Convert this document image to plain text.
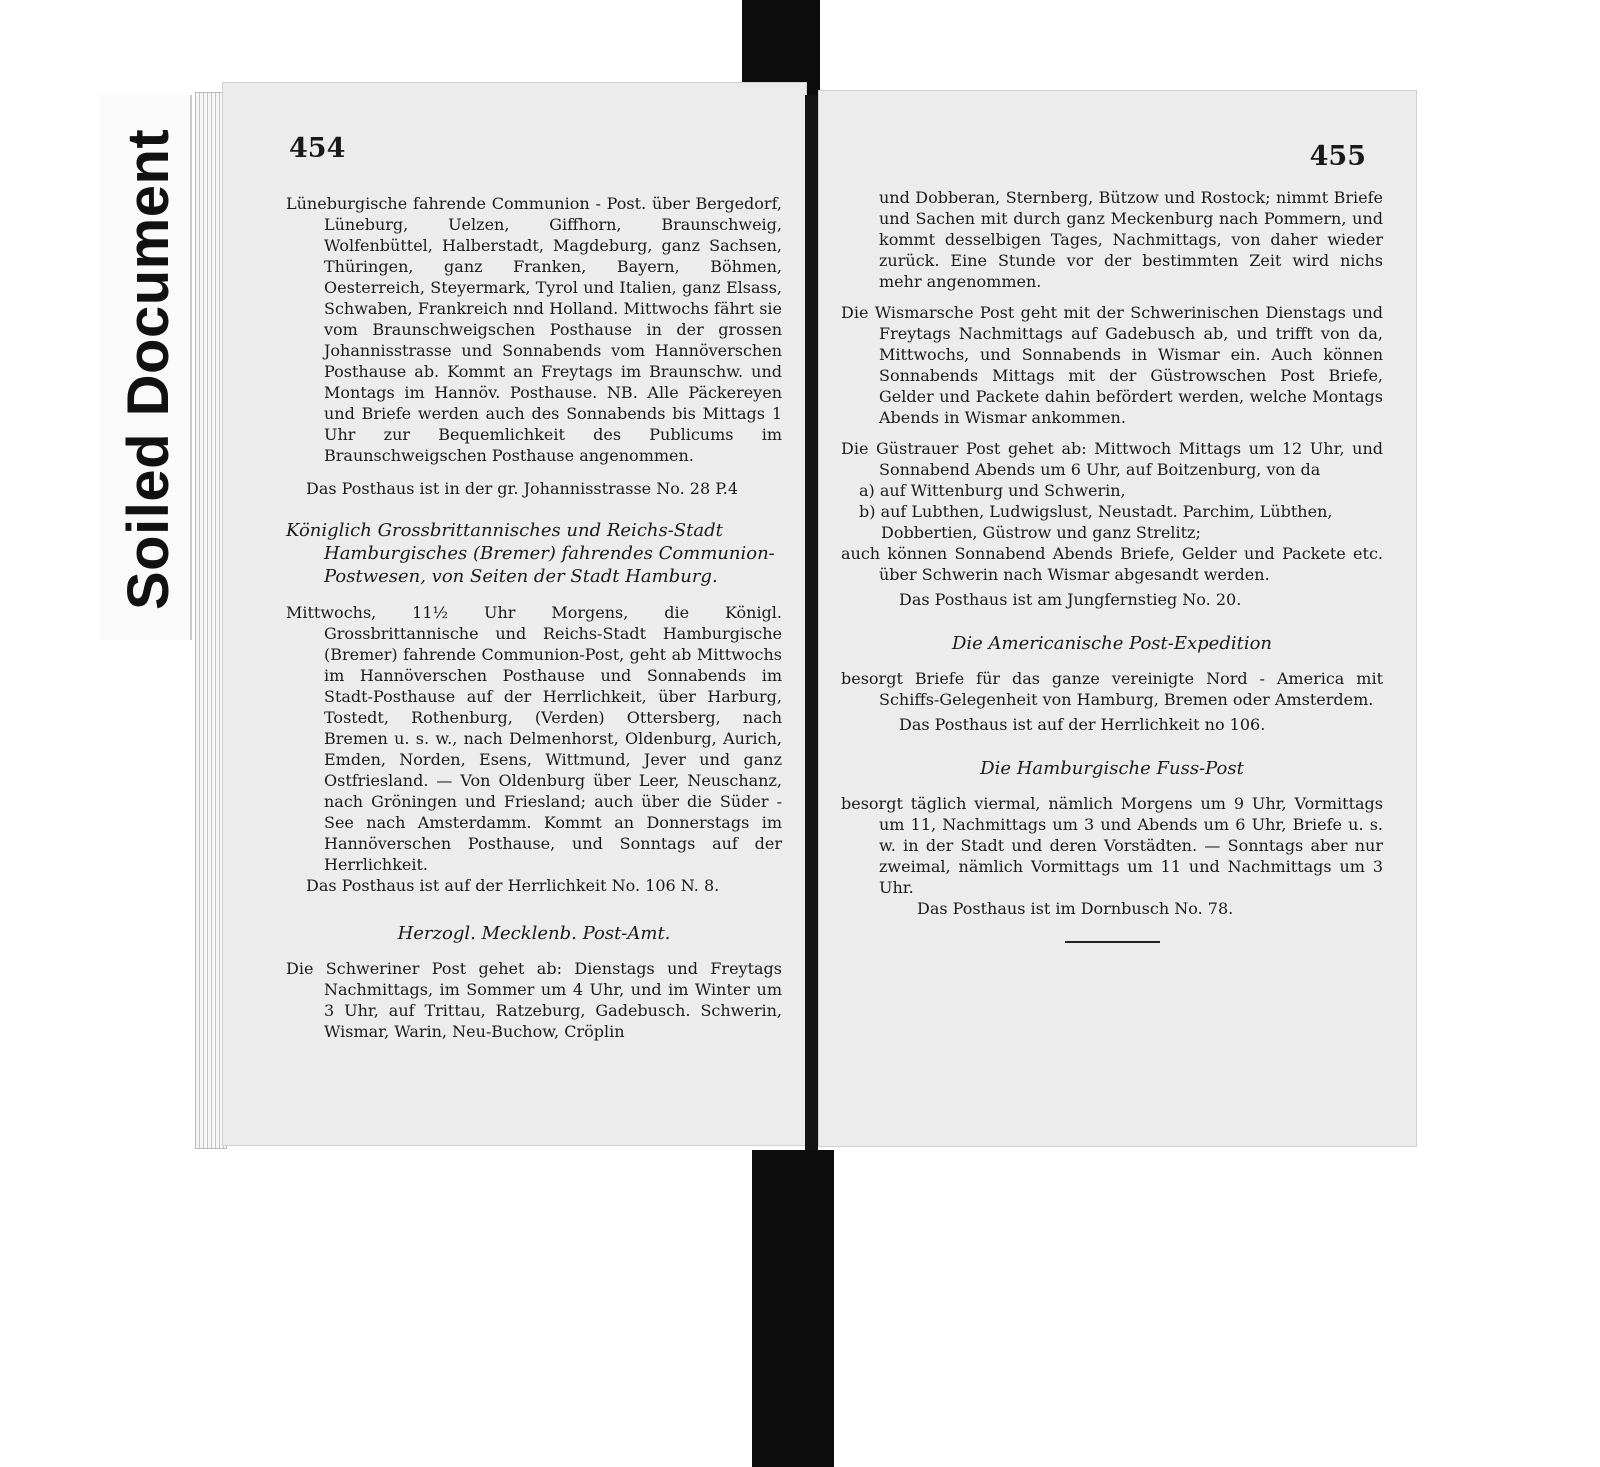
Soiled Document	454

Lüneburgische fahrende Communion - Post. über Bergedorf, Lüneburg, Uelzen, Giffhorn, Braunschweig, Wolfenbüttel, Halberstadt, Magdeburg, ganz Sachsen, Thüringen, ganz Franken, Bayern, Böhmen, Oesterreich, Steyermark, Tyrol und Italien, ganz Elsass, Schwaben, Frankreich nnd Holland. Mittwochs fährt sie vom Braunschweigschen Posthause in der grossen Johannisstrasse und Sonnabends vom Hannöverschen Posthause ab. Kommt an Freytags im Braunschw. und Montags im Hannöv. Posthause. NB. Alle Päckereyen und Briefe werden auch des Sonnabends bis Mittags 1 Uhr zur Bequemlichkeit des Publicums im Braunschweigschen Posthause angenommen.

Das Posthaus ist in der gr. Johannisstrasse No. 28 P.4

Königlich Grossbrittannisches und Reichs-Stadt Hamburgisches (Bremer) fahrendes Communion-Postwesen, von Seiten der Stadt Hamburg.

Mittwochs, 11½ Uhr Morgens, die Königl. Grossbrittannische und Reichs-Stadt Hamburgische (Bremer) fahrende Communion-Post, geht ab Mittwochs im Hannöverschen Posthause und Sonnabends im Stadt-Posthause auf der Herrlichkeit, über Harburg, Tostedt, Rothenburg, (Verden) Ottersberg, nach Bremen u. s. w., nach Delmenhorst, Oldenburg, Aurich, Emden, Norden, Esens, Wittmund, Jever und ganz Ostfriesland. — Von Oldenburg über Leer, Neuschanz, nach Gröningen und Friesland; auch über die Süder - See nach Amsterdamm. Kommt an Donnerstags im Hannöverschen Posthause, und Sonntags auf der Herrlichkeit.

Das Posthaus ist auf der Herrlichkeit No. 106 N. 8.

Herzogl. Mecklenb. Post-Amt.

Die Schweriner Post gehet ab: Dienstags und Freytags Nachmittags, im Sommer um 4 Uhr, und im Winter um 3 Uhr, auf Trittau, Ratzeburg, Gadebusch. Schwerin, Wismar, Warin, Neu-Buchow, Cröplin

455

und Dobberan, Sternberg, Bützow und Rostock; nimmt Briefe und Sachen mit durch ganz Meckenburg nach Pommern, und kommt desselbigen Tages, Nachmittags, von daher wieder zurück. Eine Stunde vor der bestimmten Zeit wird nichs mehr angenommen.

Die Wismarsche Post geht mit der Schwerinischen Dienstags und Freytags Nachmittags auf Gadebusch ab, und trifft von da, Mittwochs, und Sonnabends in Wismar ein. Auch können Sonnabends Mittags mit der Güstrowschen Post Briefe, Gelder und Packete dahin befördert werden, welche Montags Abends in Wismar ankommen.

Die Güstrauer Post gehet ab: Mittwoch Mittags um 12 Uhr, und Sonnabend Abends um 6 Uhr, auf Boitzenburg, von da

a) auf Wittenburg und Schwerin,

b) auf Lubthen, Ludwigslust, Neustadt. Parchim, Lübthen, Dobbertien, Güstrow und ganz Strelitz;

auch können Sonnabend Abends Briefe, Gelder und Packete etc. über Schwerin nach Wismar abgesandt werden.

Das Posthaus ist am Jungfernstieg No. 20.

Die Americanische Post-Expedition

besorgt Briefe für das ganze vereinigte Nord - America mit Schiffs-Gelegenheit von Hamburg, Bremen oder Amsterdem.

Das Posthaus ist auf der Herrlichkeit no 106.

Die Hamburgische Fuss-Post

besorgt täglich viermal, nämlich Morgens um 9 Uhr, Vormittags um 11, Nachmittags um 3 und Abends um 6 Uhr, Briefe u. s. w. in der Stadt und deren Vorstädten. — Sonntags aber nur zweimal, nämlich Vormittags um 11 und Nachmittags um 3 Uhr.

Das Posthaus ist im Dornbusch No. 78.
